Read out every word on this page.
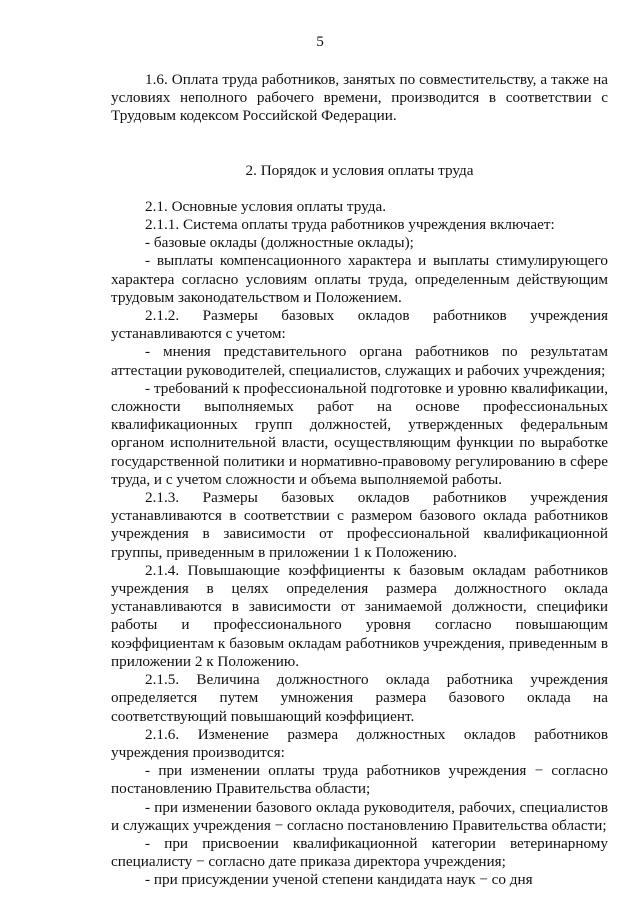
5

1.6. Оплата труда работников, занятых по совместительству, а также на условиях неполного рабочего времени, производится в соответствии с Трудовым кодексом Российской Федерации.

2. Порядок и условия оплаты труда

2.1. Основные условия оплаты труда.

2.1.1. Система оплаты труда работников учреждения включает:

- базовые оклады (должностные оклады);

- выплаты компенсационного характера и выплаты стимулирующего характера согласно условиям оплаты труда, определенным действующим трудовым законодательством и Положением.

2.1.2. Размеры базовых окладов работников учреждения устанавливаются с учетом:

- мнения представительного органа работников по результатам аттестации руководителей, специалистов, служащих и рабочих учреждения;

- требований к профессиональной подготовке и уровню квалификации, сложности выполняемых работ на основе профессиональных квалификационных групп должностей, утвержденных федеральным органом исполнительной власти, осуществляющим функции по выработке государственной политики и нормативно-правовому регулированию в сфере труда, и с учетом сложности и объема выполняемой работы.

2.1.3. Размеры базовых окладов работников учреждения устанавливаются в соответствии с размером базового оклада работников учреждения в зависимости от профессиональной квалификационной группы, приведенным в приложении 1 к Положению.

2.1.4. Повышающие коэффициенты к базовым окладам работников учреждения в целях определения размера должностного оклада устанавливаются в зависимости от занимаемой должности, специфики работы и профессионального уровня согласно повышающим коэффициентам к базовым окладам работников учреждения, приведенным в приложении 2 к Положению.

2.1.5. Величина должностного оклада работника учреждения определяется путем умножения размера базового оклада на соответствующий повышающий коэффициент.

2.1.6. Изменение размера должностных окладов работников учреждения производится:

- при изменении оплаты труда работников учреждения − согласно постановлению Правительства области;

- при изменении базового оклада руководителя, рабочих, специалистов и служащих учреждения − согласно постановлению Правительства области;

- при присвоении квалификационной категории ветеринарному специалисту − согласно дате приказа директора учреждения;

- при присуждении ученой степени кандидата наук − со дня
